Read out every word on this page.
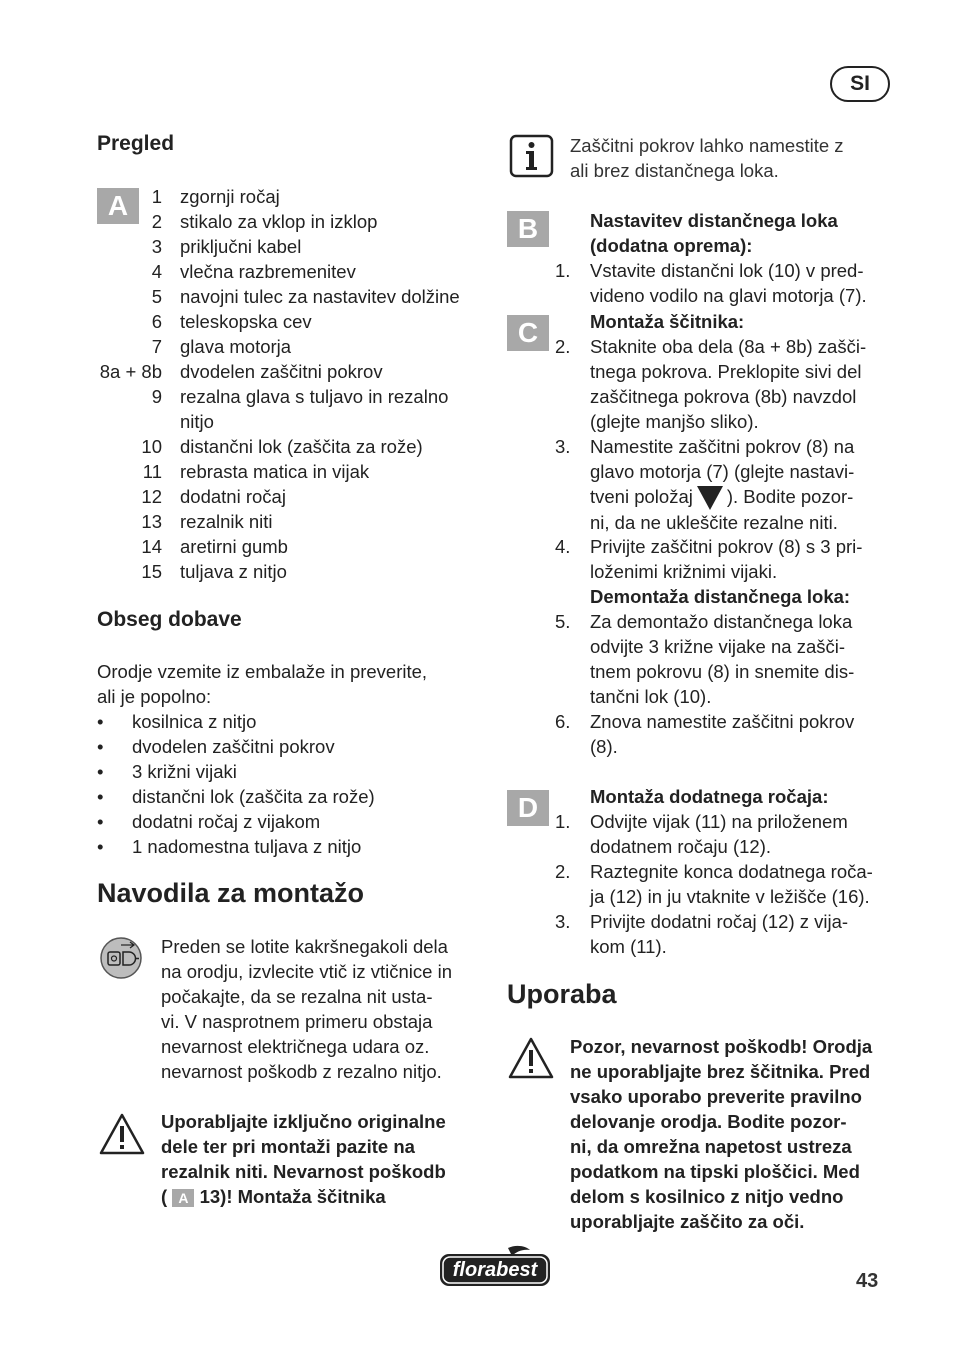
SI
Pregled
A	1 zgornji ročaj
2 stikalo za vklop in izklop
3 priključni kabel
4 vlečna razbremenitev
5 navojni tulec za nastavitev dolžine
6 teleskopska cev
7 glava motorja
8a + 8b dvodelen zaščitni pokrov
9 rezalna glava s tuljavo in rezalno
nitjo
10 distančni lok (zaščita za rože)
11 rebrasta matica in vijak
12 dodatni ročaj
13 rezalnik niti
14 aretirni gumb
15 tuljava z nitjo
Obseg dobave
Orodje vzemite iz embalaže in preverite,
ali je popolno:
• kosilnica z nitjo
• dvodelen zaščitni pokrov
• 3 križni vijaki
• distančni lok (zaščita za rože)
• dodatni ročaj z vijakom
• 1 nadomestna tuljava z nitjo
Navodila za montažo
Preden se lotite kakršnegakoli dela
na orodju, izvlecite vtič iz vtičnice in
počakajte, da se rezalna nit usta-
vi. V nasprotnem primeru obstaja
nevarnost električnega udara oz.
nevarnost poškodb z rezalno nitjo.
Uporabljajte izključno originalne
dele ter pri montaži pazite na
rezalnik niti. Nevarnost poškodb
( A 13)! Montaža ščitnika
Zaščitni pokrov lahko namestite z
ali brez distančnega loka.
B	Nastavitev distančnega loka
(dodatna oprema):
1. Vstavite distančni lok (10) v pred-
videno vodilo na glavi motorja (7).
C	Montaža ščitnika:
2. Staknite oba dela (8a + 8b) zašči-
tnega pokrova. Preklopite sivi del
zaščitnega pokrova (8b) navzdol
(glejte manjšo sliko).
3. Namestite zaščitni pokrov (8) na
glavo motorja (7) (glejte nastavi-
tveni položaj ). Bodite pozor-
ni, da ne ukleščite rezalne niti.
4. Privijte zaščitni pokrov (8) s 3 pri-
loženimi križnimi vijaki.
Demontaža distančnega loka:
5. Za demontažo distančnega loka
odvijte 3 križne vijake na zašči-
tnem pokrovu (8) in snemite dis-
tančni lok (10).
6. Znova namestite zaščitni pokrov
(8).
D	Montaža dodatnega ročaja:
1. Odvijte vijak (11) na priloženem
dodatnem ročaju (12).
2. Raztegnite konca dodatnega roča-
ja (12) in ju vtaknite v ležišče (16).
3. Privijte dodatni ročaj (12) z vija-
kom (11).
Uporaba
Pozor, nevarnost poškodb! Orodja
ne uporabljajte brez ščitnika. Pred
vsako uporabo preverite pravilno
delovanje orodja. Bodite pozor-
ni, da omrežna napetost ustreza
podatkom na tipski ploščici. Med
delom s kosilnico z nitjo vedno
uporabljajte zaščito za oči.
florabest	43
